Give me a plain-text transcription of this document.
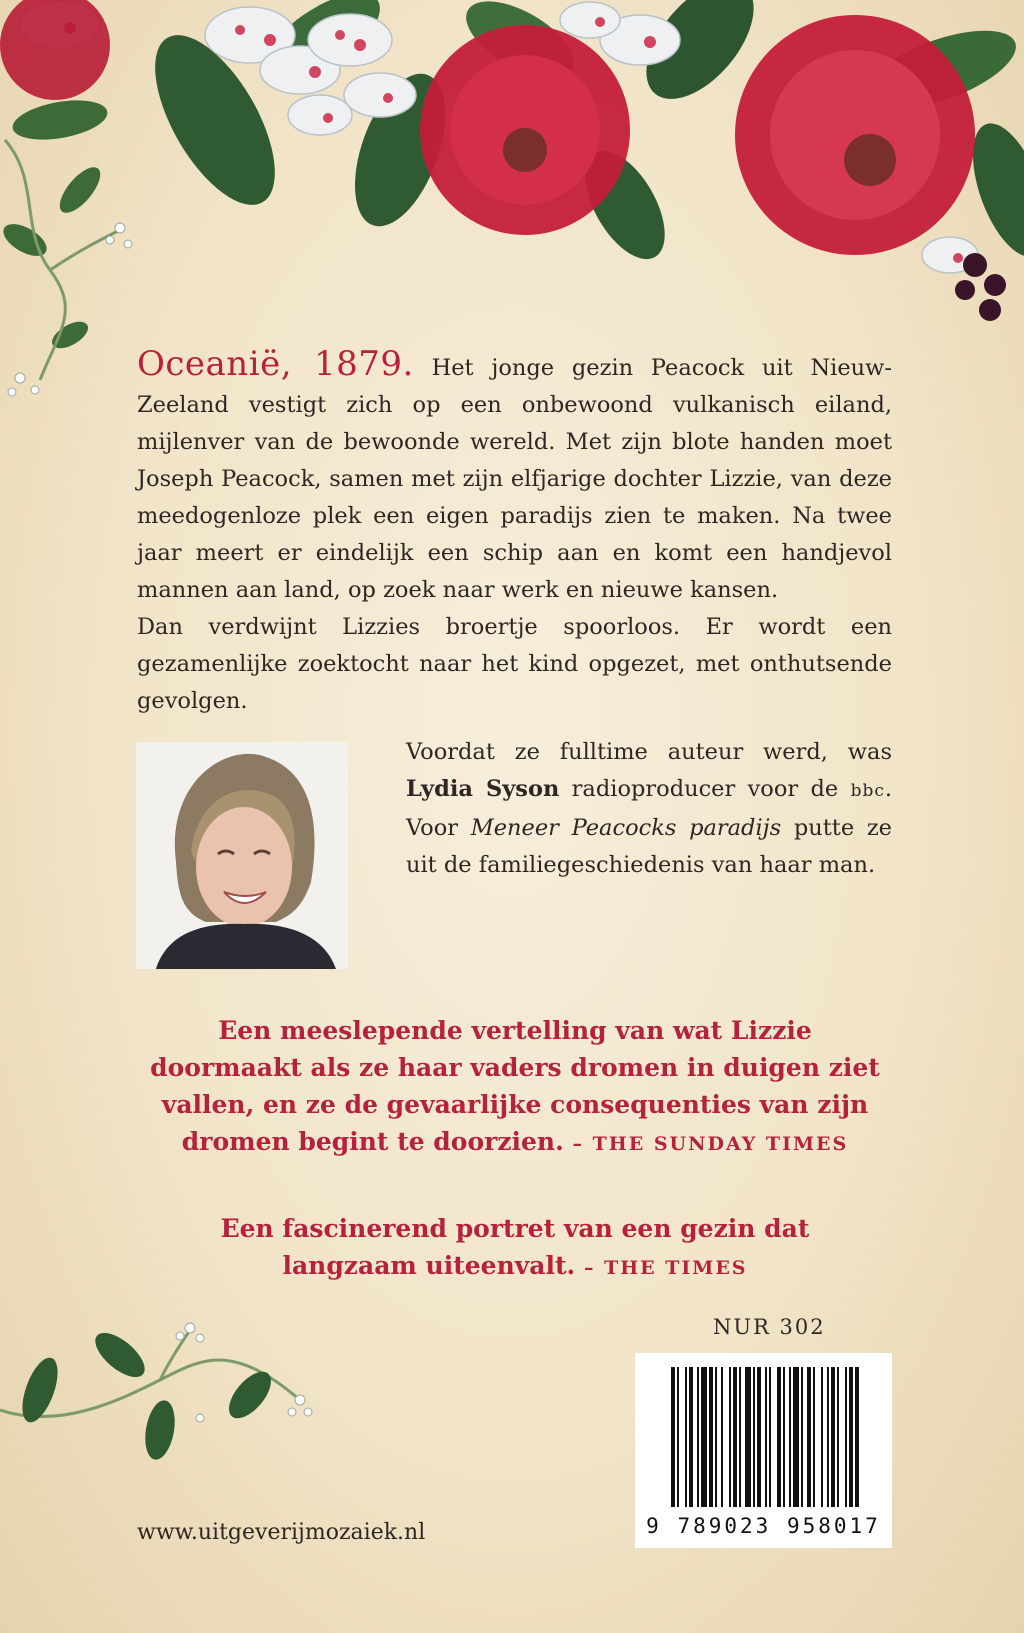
Oceanië, 1879. Het jonge gezin Peacock uit Nieuw-Zeeland vestigt zich op een onbewoond vulkanisch eiland, mijlenver van de bewoonde wereld. Met zijn blote handen moet Joseph Peacock, samen met zijn elfjarige dochter Lizzie, van deze meedogenloze plek een eigen paradijs zien te maken. Na twee jaar meert er eindelijk een schip aan en komt een handjevol mannen aan land, op zoek naar werk en nieuwe kansen.
Dan verdwijnt Lizzies broertje spoorloos. Er wordt een gezamenlijke zoektocht naar het kind opgezet, met onthutsende gevolgen.
Voordat ze fulltime auteur werd, was Lydia Syson radioproducer voor de bbc. Voor Meneer Peacocks paradijs putte ze uit de familiegeschiedenis van haar man.
Een meeslepende vertelling van wat Lizzie doormaakt als ze haar vaders dromen in duigen ziet vallen, en ze de gevaarlijke consequenties van zijn dromen begint te doorzien. – THE SUNDAY TIMES
Een fascinerend portret van een gezin dat langzaam uiteenvalt. – THE TIMES
NUR 302
9 789023 958017
www.uitgeverijmozaiek.nl
